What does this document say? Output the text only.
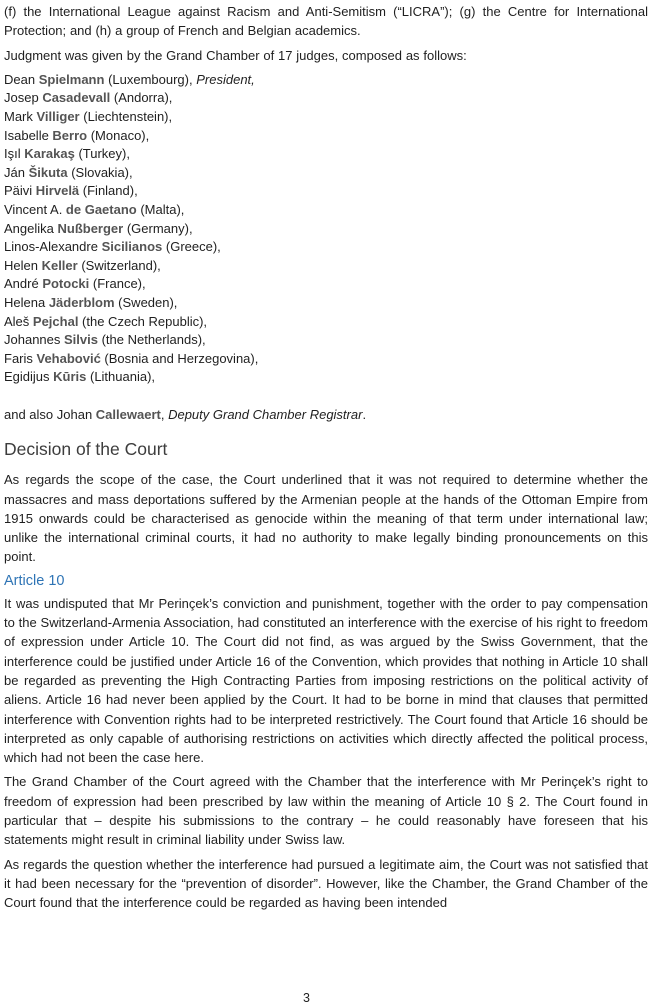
(f) the International League against Racism and Anti-Semitism (“LICRA”); (g) the Centre for International Protection; and (h) a group of French and Belgian academics.

Judgment was given by the Grand Chamber of 17 judges, composed as follows:

Dean Spielmann (Luxembourg), President,
Josep Casadevall (Andorra),
Mark Villiger (Liechtenstein),
Isabelle Berro (Monaco),
Işıl Karakaş (Turkey),
Ján Šikuta (Slovakia),
Päivi Hirvelä (Finland),
Vincent A. de Gaetano (Malta),
Angelika Nußberger (Germany),
Linos-Alexandre Sicilianos (Greece),
Helen Keller (Switzerland),
André Potocki (France),
Helena Jäderblom (Sweden),
Aleš Pejchal (the Czech Republic),
Johannes Silvis (the Netherlands),
Faris Vehabović (Bosnia and Herzegovina),
Egidijus Kūris (Lithuania),

and also Johan Callewaert, Deputy Grand Chamber Registrar.

Decision of the Court

As regards the scope of the case, the Court underlined that it was not required to determine whether the massacres and mass deportations suffered by the Armenian people at the hands of the Ottoman Empire from 1915 onwards could be characterised as genocide within the meaning of that term under international law; unlike the international criminal courts, it had no authority to make legally binding pronouncements on this point.

Article 10

It was undisputed that Mr Perinçek’s conviction and punishment, together with the order to pay compensation to the Switzerland-Armenia Association, had constituted an interference with the exercise of his right to freedom of expression under Article 10. The Court did not find, as was argued by the Swiss Government, that the interference could be justified under Article 16 of the Convention, which provides that nothing in Article 10 shall be regarded as preventing the High Contracting Parties from imposing restrictions on the political activity of aliens. Article 16 had never been applied by the Court. It had to be borne in mind that clauses that permitted interference with Convention rights had to be interpreted restrictively. The Court found that Article 16 should be interpreted as only capable of authorising restrictions on activities which directly affected the political process, which had not been the case here.

The Grand Chamber of the Court agreed with the Chamber that the interference with Mr Perinçek’s right to freedom of expression had been prescribed by law within the meaning of Article 10 § 2. The Court found in particular that – despite his submissions to the contrary – he could reasonably have foreseen that his statements might result in criminal liability under Swiss law.

As regards the question whether the interference had pursued a legitimate aim, the Court was not satisfied that it had been necessary for the “prevention of disorder”. However, like the Chamber, the Grand Chamber of the Court found that the interference could be regarded as having been intended

3
